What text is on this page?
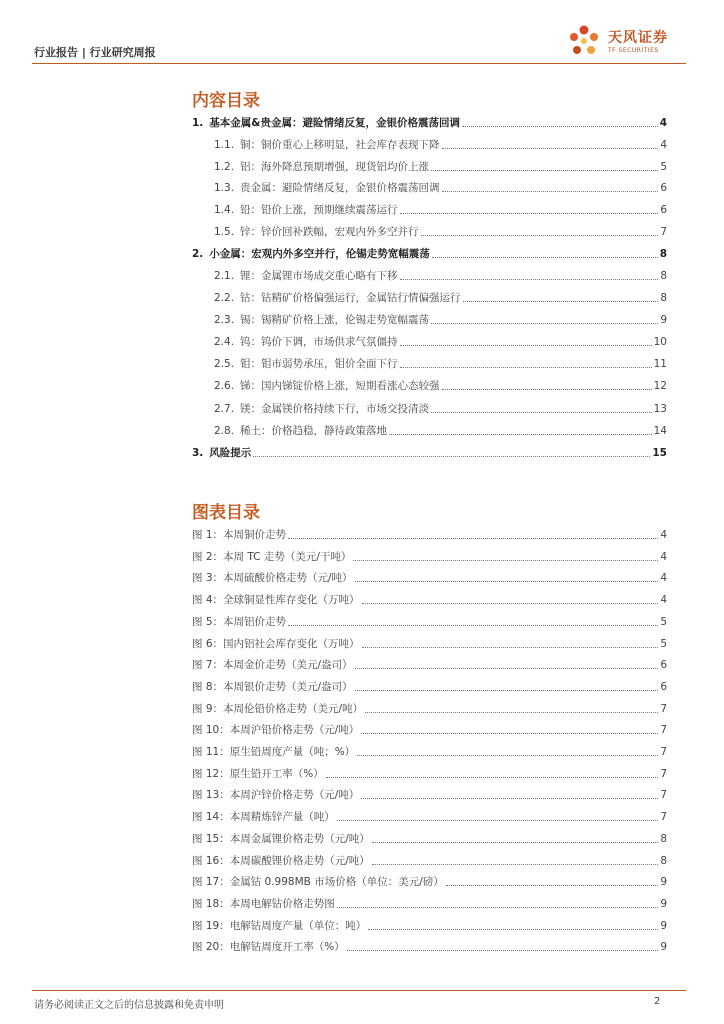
行业报告 | 行业研究周报
天风证券
TF SECURITIES
内容目录
1. 基本金属&贵金属：避险情绪反复，金银价格震荡回调	4
1.1. 铜：铜价重心上移明显，社会库存表现下降	4
1.2. 铝：海外降息预期增强，现货铝均价上涨	5
1.3. 贵金属：避险情绪反复，金银价格震荡回调	6
1.4. 铅：铅价上涨，预期继续震荡运行	6
1.5. 锌：锌价回补跌幅，宏观内外多空并行	7
2. 小金属：宏观内外多空并行，伦锡走势宽幅震荡	8
2.1. 锂：金属锂市场成交重心略有下移	8
2.2. 钴：钴精矿价格偏强运行，金属钴行情偏强运行	8
2.3. 锡：锡精矿价格上涨，伦锡走势宽幅震荡	9
2.4. 钨：钨价下调，市场供求气氛僵持	10
2.5. 钼：钼市弱势承压，钼价全面下行	11
2.6. 锑：国内锑锭价格上涨，短期看涨心态较强	12
2.7. 镁：金属镁价格持续下行，市场交投清淡	13
2.8. 稀土：价格趋稳，静待政策落地	14
3. 风险提示	15
图表目录
图 1：本周铜价走势	4
图 2：本周 TC 走势（美元/干吨）	4
图 3：本周硫酸价格走势（元/吨）	4
图 4：全球铜显性库存变化（万吨）	4
图 5：本周铝价走势	5
图 6：国内铝社会库存变化（万吨）	5
图 7：本周金价走势（美元/盎司）	6
图 8：本周银价走势（美元/盎司）	6
图 9：本周伦铅价格走势（美元/吨）	7
图 10：本周沪铅价格走势（元/吨）	7
图 11：原生铅周度产量（吨；%）	7
图 12：原生铅开工率（%）	7
图 13：本周沪锌价格走势（元/吨）	7
图 14：本周精炼锌产量（吨）	7
图 15：本周金属锂价格走势（元/吨）	8
图 16：本周碳酸锂价格走势（元/吨）	8
图 17：金属钴 0.998MB 市场价格（单位：美元/磅）	9
图 18：本周电解钴价格走势图	9
图 19：电解钴周度产量（单位：吨）	9
图 20：电解钴周度开工率（%）	9
请务必阅读正文之后的信息披露和免责申明	2
